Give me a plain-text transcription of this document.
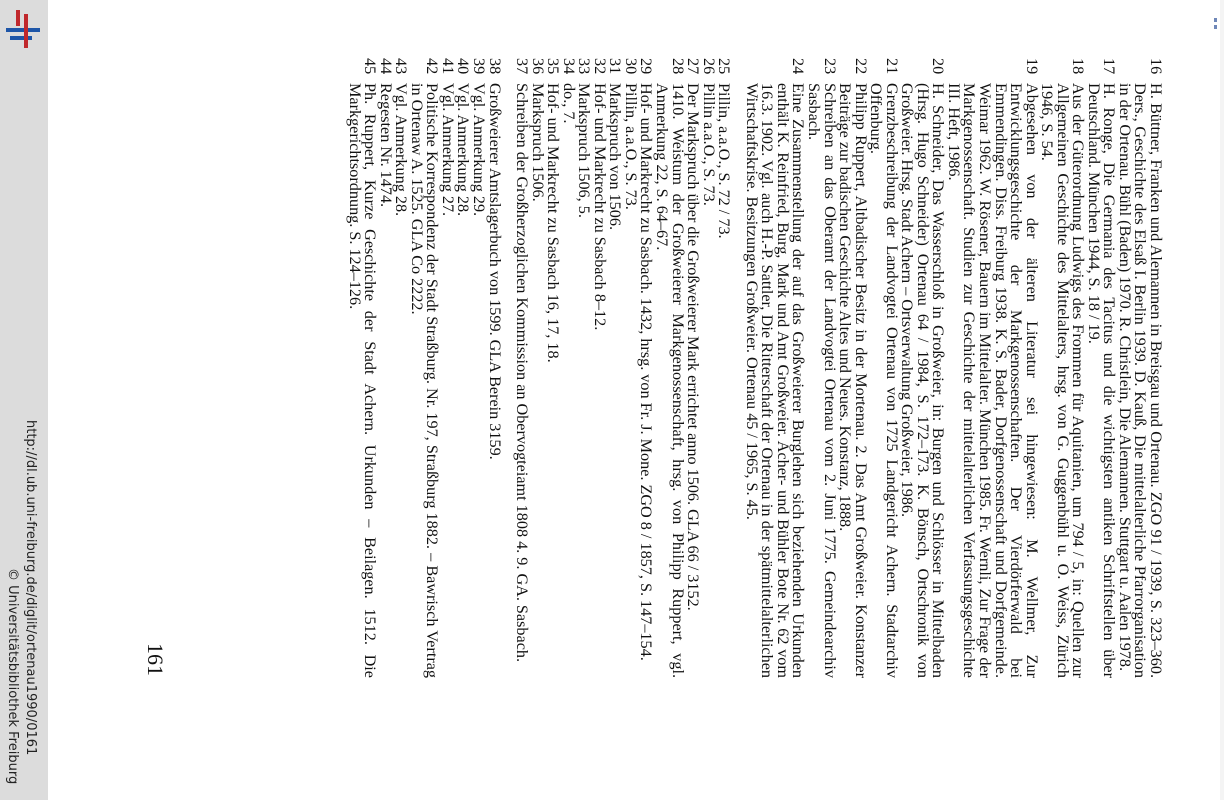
http://dl.ub.uni-freiburg.de/diglit/ortenau1990/0161
© Universitätsbibliothek Freiburg
16
H. Büttner, Franken und Alemannen in Breisgau und Ortenau. ZGO 91 / 1939, S. 323–360. Ders., Geschichte des Elsaß I. Berlin 1939. D. Kauß, Die mittelalterliche Pfarrorganisation in der Ortenau. Bühl (Baden) 1970. R. Christlein, Die Alemannen. Stuttgart u. Aalen 1978.
17
H. Ronge, Die Germania des Tacitus und die wichtigsten antiken Schriftstellen über Deutschland. München 1944, S. 18 / 19.
18
Aus der Güterordnung Ludwigs des Frommen für Aquitanien, um 794 / 5, in: Quellen zur Allgemeinen Geschichte des Mittelalters, hrsg. von G. Guggenbühl u. O. Weiss, Zürich 1946, S. 54.
19
Abgesehen von der älteren Literatur sei hingewiesen: M. Wellmer, Zur Entwicklungsgeschichte der Markgenossenschaften. Der Vierdörferwald bei Emmendingen. Diss. Freiburg 1938. K. S. Bader, Dorfgenossenschaft und Dorfgemeinde. Weimar 1962. W. Rösener, Bauern im Mittelalter. München 1985. Fr. Wernli, Zur Frage der Markgenossenschaft. Studien zur Geschichte der mittelalterlichen Verfassungsgeschichte III. Heft, 1986.
20
H. Schneider, Das Wasserschloß in Großweier, in: Burgen und Schlösser in Mittelbaden (Hrsg. Hugo Schneider) Ortenau 64 / 1984, S. 172–173. K. Bönsch, Ortschronik von Großweier. Hrsg. Stadt Achern – Ortsverwaltung Großweier, 1986.
21
Grenzbeschreibung der Landvogtei Ortenau von 1725 Landgericht Achern. Stadtarchiv Offenburg.
22
Philipp Ruppert, Altbadischer Besitz in der Mortenau. 2. Das Amt Großweier. Konstanzer Beiträge zur badischen Geschichte Altes und Neues. Konstanz, 1888.
23
Schreiben an das Oberamt der Landvogtei Ortenau vom 2. Juni 1775. Gemeindearchiv Sasbach.
24
Eine Zusammenstellung der auf das Großweierer Burglehen sich beziehenden Urkunden enthält K. Reinfried, Burg, Mark und Amt Großweier. Acher- und Bühler Bote Nr. 62 vom 16.3. 1902. Vgl. auch H.-P. Sattler, Die Ritterschaft der Ortenau in der spätmittelalterlichen Wirtschaftskrise. Besitzungen Großweier. Ortenau 45 / 1965, S. 45.
25
Pillin, a.a.O., S. 72 / 73.
26
Pillin a.a.O., S. 73.
27
Der Markspruch über die Großweierer Mark errichtet anno 1506. GLA 66 / 3152.
28
1410. Weistum der Großweierer Markgenossenschaft, hrsg. von Philipp Ruppert, vgl. Anmerkung 22, S. 64–67.
29
Hof- und Markrecht zu Sasbach. 1432, hrsg. von Fr. J. Mone. ZGO 8 / 1857, S. 147–154.
30
Pillin, a.a.O., S. 73.
31
Markspruch von 1506.
32
Hof- und Markrecht zu Sasbach 8–12.
33
Markspruch 1506, 5.
34
do., 7.
35
Hof- und Markrecht zu Sasbach 16, 17, 18.
36
Markspruch 1506.
37
Schreiben der Großherzoglichen Kommission an Obervogteiamt 1808 4. 9. GA. Sasbach.
38
Großweierer Amtslagerbuch von 1599. GLA Berein 3159.
39
Vgl. Anmerkung 29.
40
Vgl. Anmerkung 28.
41
Vgl. Anmerkung 27.
42
Politische Korrespondenz der Stadt Straßburg. Nr. 197, Straßburg 1882. – Bawrisch Vertrag in Ortenaw A. 1525. GLA Co 2222.
43
Vgl. Anmerkung 28.
44
Regesten Nr. 1474.
45
Ph. Ruppert, Kurze Geschichte der Stadt Achern. Urkunden – Beilagen. 1512. Die Markgerichtsordnung. S. 124–126.
161
